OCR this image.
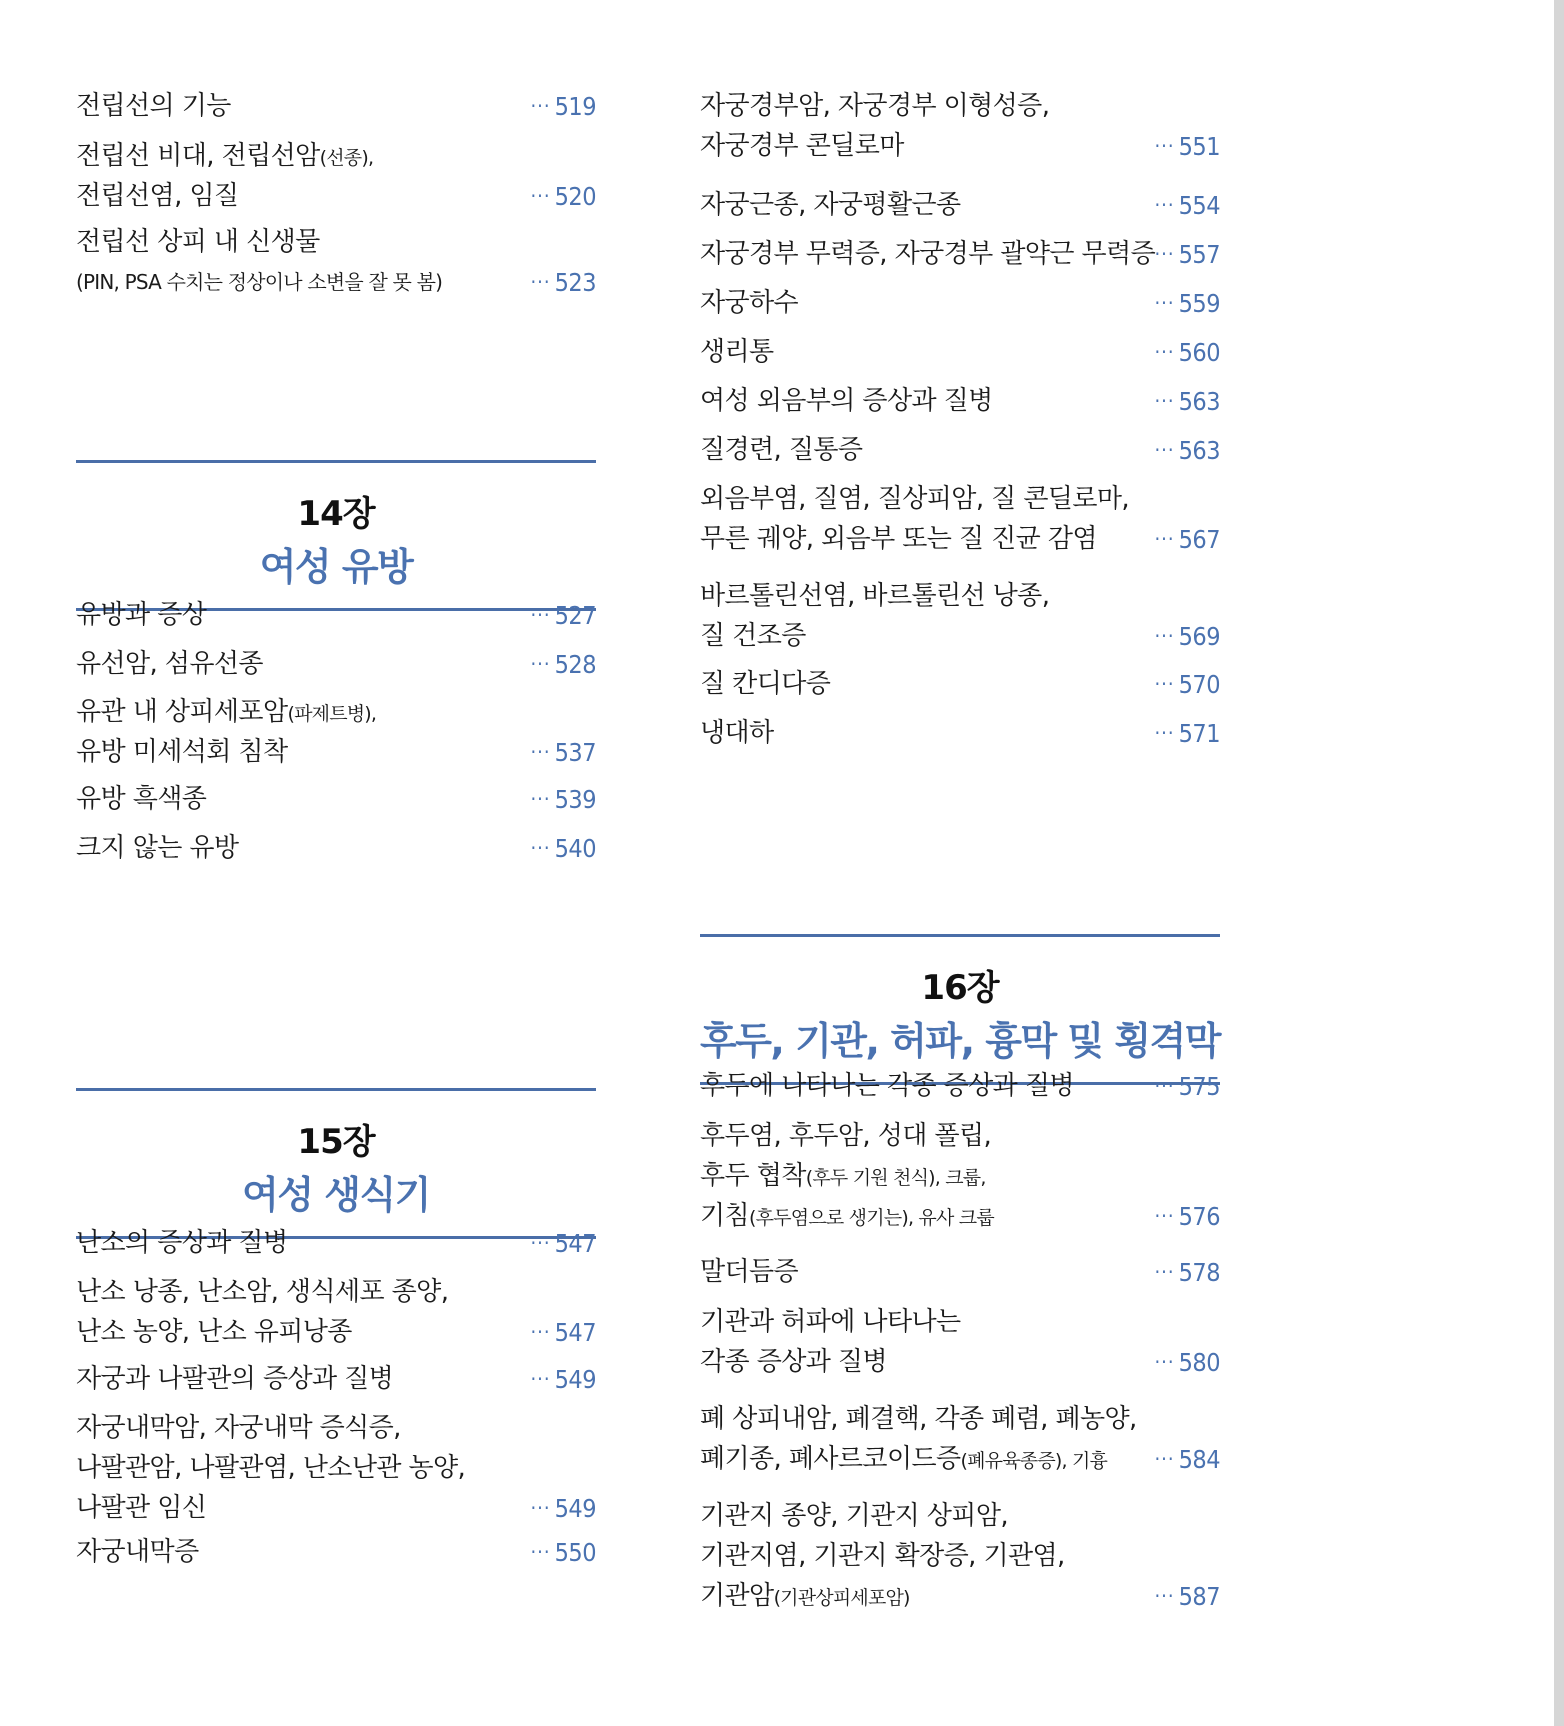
전립선의 기능	··· 519
전립선 비대, 전립선암(선종),
전립선염, 임질	··· 520
전립선 상피 내 신생물
(PIN, PSA 수치는 정상이나 소변을 잘 못 봄)	··· 523
14장
여성 유방
유방과 증상	··· 527
유선암, 섬유선종	··· 528
유관 내 상피세포암(파제트병),
유방 미세석회 침착	··· 537
유방 흑색종	··· 539
크지 않는 유방	··· 540
15장
여성 생식기
난소의 증상과 질병	··· 547
난소 낭종, 난소암, 생식세포 종양,
난소 농양, 난소 유피낭종	··· 547
자궁과 나팔관의 증상과 질병	··· 549
자궁내막암, 자궁내막 증식증,
나팔관암, 나팔관염, 난소난관 농양,
나팔관 임신	··· 549
자궁내막증	··· 550
자궁경부암, 자궁경부 이형성증,
자궁경부 콘딜로마	··· 551
자궁근종, 자궁평활근종	··· 554
자궁경부 무력증, 자궁경부 괄약근 무력증 ··· 557
자궁하수	··· 559
생리통	··· 560
여성 외음부의 증상과 질병	··· 563
질경련, 질통증	··· 563
외음부염, 질염, 질상피암, 질 콘딜로마,
무른 궤양, 외음부 또는 질 진균 감염	··· 567
바르톨린선염, 바르톨린선 낭종,
질 건조증	··· 569
질 칸디다증	··· 570
냉대하	··· 571
16장
후두, 기관, 허파, 흉막 및 횡격막
후두에 나타나는 각종 증상과 질병	··· 575
후두염, 후두암, 성대 폴립,
후두 협착(후두 기원 천식), 크룹,
기침(후두염으로 생기는), 유사 크룹	··· 576
말더듬증	··· 578
기관과 허파에 나타나는
각종 증상과 질병	··· 580
폐 상피내암, 폐결핵, 각종 폐렴, 폐농양,
폐기종, 폐사르코이드증(폐유육종증), 기흉 ··· 584
기관지 종양, 기관지 상피암,
기관지염, 기관지 확장증, 기관염,
기관암(기관상피세포암)	··· 587
